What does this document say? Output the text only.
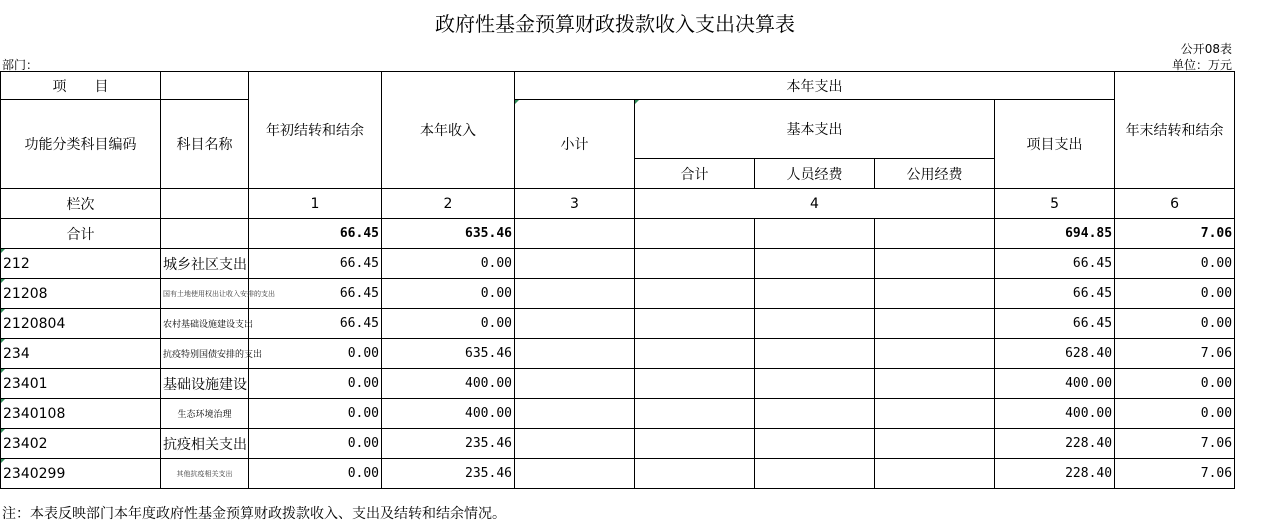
政府性基金预算财政拨款收入支出决算表
公开08表
部门：	单位：万元
项　　目		年初结转和结余	本年收入	本年支出					年末结转和结余
功能分类科目编码	科目名称			小计	基本支出			项目支出	
					合计	人员经费	公用经费		
栏次		1	2	3	4			5	6
合计		66.45	635.46					694.85	7.06
212	城乡社区支出	66.45	0.00					66.45	0.00
21208	国有土地使用权出让收入安排的支出	66.45	0.00					66.45	0.00
2120804	农村基础设施建设支出	66.45	0.00					66.45	0.00
234	抗疫特别国债安排的支出	0.00	635.46					628.40	7.06
23401	基础设施建设	0.00	400.00					400.00	0.00
2340108	生态环境治理	0.00	400.00					400.00	0.00
23402	抗疫相关支出	0.00	235.46					228.40	7.06
2340299	其他抗疫相关支出	0.00	235.46					228.40	7.06
注：本表反映部门本年度政府性基金预算财政拨款收入、支出及结转和结余情况。
